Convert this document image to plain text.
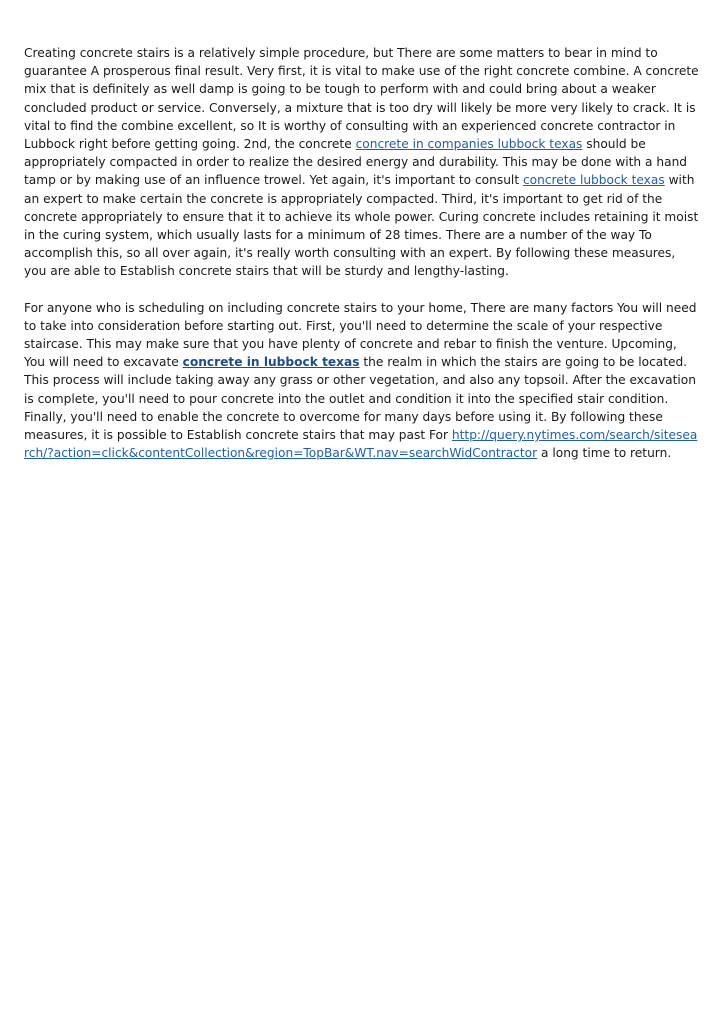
Creating concrete stairs is a relatively simple procedure, but There are some matters to bear in mind to guarantee A prosperous final result. Very first, it is vital to make use of the right concrete combine. A concrete mix that is definitely as well damp is going to be tough to perform with and could bring about a weaker concluded product or service. Conversely, a mixture that is too dry will likely be more very likely to crack. It is vital to find the combine excellent, so It is worthy of consulting with an experienced concrete contractor in Lubbock right before getting going. 2nd, the concrete concrete in companies lubbock texas should be appropriately compacted in order to realize the desired energy and durability. This may be done with a hand tamp or by making use of an influence trowel. Yet again, it's important to consult concrete lubbock texas with an expert to make certain the concrete is appropriately compacted. Third, it's important to get rid of the concrete appropriately to ensure that it to achieve its whole power. Curing concrete includes retaining it moist in the curing system, which usually lasts for a minimum of 28 times. There are a number of the way To accomplish this, so all over again, it's really worth consulting with an expert. By following these measures, you are able to Establish concrete stairs that will be sturdy and lengthy-lasting.

For anyone who is scheduling on including concrete stairs to your home, There are many factors You will need to take into consideration before starting out. First, you'll need to determine the scale of your respective staircase. This may make sure that you have plenty of concrete and rebar to finish the venture. Upcoming, You will need to excavate concrete in lubbock texas the realm in which the stairs are going to be located. This process will include taking away any grass or other vegetation, and also any topsoil. After the excavation is complete, you'll need to pour concrete into the outlet and condition it into the specified stair condition. Finally, you'll need to enable the concrete to overcome for many days before using it. By following these measures, it is possible to Establish concrete stairs that may past For http://query.nytimes.com/search/sitesearch/?action=click&contentCollection&region=TopBar&WT.nav=searchWidContractor a long time to return.
